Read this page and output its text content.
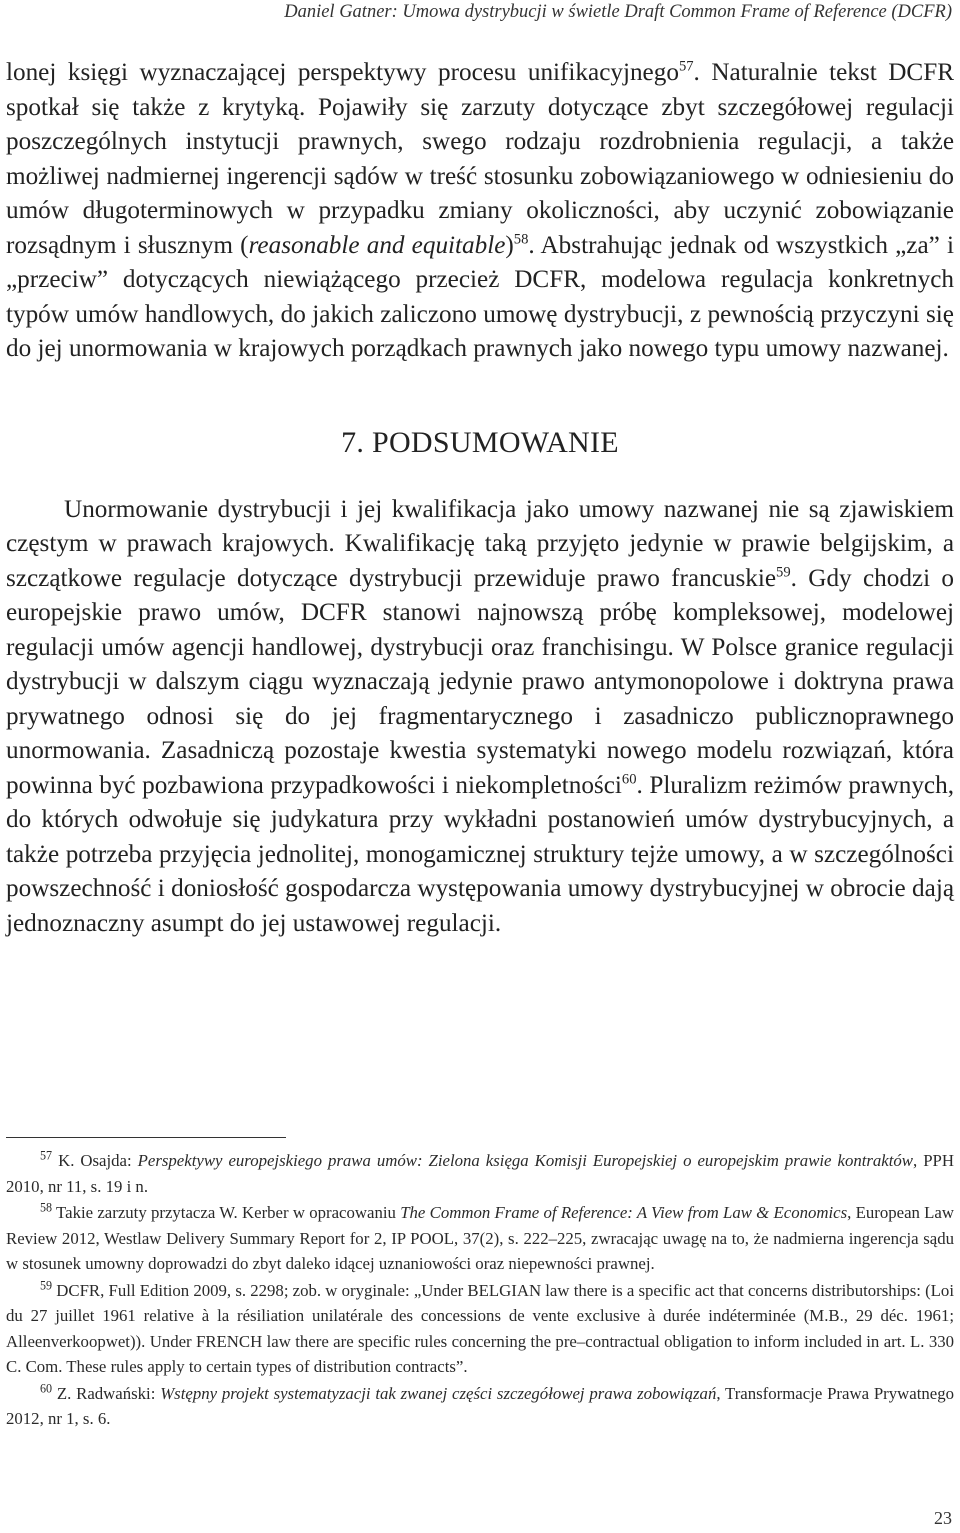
Daniel Gatner: Umowa dystrybucji w świetle Draft Common Frame of Reference (DCFR)

lonej księgi wyznaczającej perspektywy procesu unifikacyjnego$^{57}$. Naturalnie tekst DCFR spotkał się także z krytyką. Pojawiły się zarzuty dotyczące zbyt szczegółowej regulacji poszczególnych instytucji prawnych, swego rodzaju rozdrobnienia regulacji, a także możliwej nadmiernej ingerencji sądów w treść stosunku zobowiązaniowego w odniesieniu do umów długoterminowych w przypadku zmiany okoliczności, aby uczynić zobowiązanie rozsądnym i słusznym (reasonable and equitable)$^{58}$. Abstrahując jednak od wszystkich „za” i „przeciw” dotyczących niewiążącego przecież DCFR, modelowa regulacja konkretnych typów umów handlowych, do jakich zaliczono umowę dystrybucji, z pewnością przyczyni się do jej unormowania w krajowych porządkach prawnych jako nowego typu umowy nazwanej.

7. PODSUMOWANIE

Unormowanie dystrybucji i jej kwalifikacja jako umowy nazwanej nie są zjawiskiem częstym w prawach krajowych. Kwalifikację taką przyjęto jedynie w prawie belgijskim, a szczątkowe regulacje dotyczące dystrybucji przewiduje prawo francuskie$^{59}$. Gdy chodzi o europejskie prawo umów, DCFR stanowi najnowszą próbę kompleksowej, modelowej regulacji umów agencji handlowej, dystrybucji oraz franchisingu. W Polsce granice regulacji dystrybucji w dalszym ciągu wyznaczają jedynie prawo antymonopolowe i doktryna prawa prywatnego odnosi się do jej fragmentarycznego i zasadniczo publicznoprawnego unormowania. Zasadniczą pozostaje kwestia systematyki nowego modelu rozwiązań, która powinna być pozbawiona przypadkowości i niekompletności$^{60}$. Pluralizm reżimów prawnych, do których odwołuje się judykatura przy wykładni postanowień umów dystrybucyjnych, a także potrzeba przyjęcia jednolitej, monogamicznej struktury tejże umowy, a w szczególności powszechność i doniosłość gospodarcza występowania umowy dystrybucyjnej w obrocie dają jednoznaczny asumpt do jej ustawowej regulacji.

$^{57}$ K. Osajda: Perspektywy europejskiego prawa umów: Zielona księga Komisji Europejskiej o europejskim prawie kontraktów, PPH 2010, nr 11, s. 19 i n.

$^{58}$ Takie zarzuty przytacza W. Kerber w opracowaniu The Common Frame of Reference: A View from Law & Economics, European Law Review 2012, Westlaw Delivery Summary Report for 2, IP POOL, 37(2), s. 222–225, zwracając uwagę na to, że nadmierna ingerencja sądu w stosunek umowny doprowadzi do zbyt daleko idącej uznaniowości oraz niepewności prawnej.

$^{59}$ DCFR, Full Edition 2009, s. 2298; zob. w oryginale: „Under BELGIAN law there is a specific act that concerns distributorships: (Loi du 27 juillet 1961 relative à la résiliation unilatérale des concessions de vente exclusive à durée indéterminée (M.B., 29 déc. 1961; Alleenverkoopwet)). Under FRENCH law there are specific rules concerning the pre–contractual obligation to inform included in art. L. 330 C. Com. These rules apply to certain types of distribution contracts”.

$^{60}$ Z. Radwański: Wstępny projekt systematyzacji tak zwanej części szczegółowej prawa zobowiązań, Transformacje Prawa Prywatnego 2012, nr 1, s. 6.

23
